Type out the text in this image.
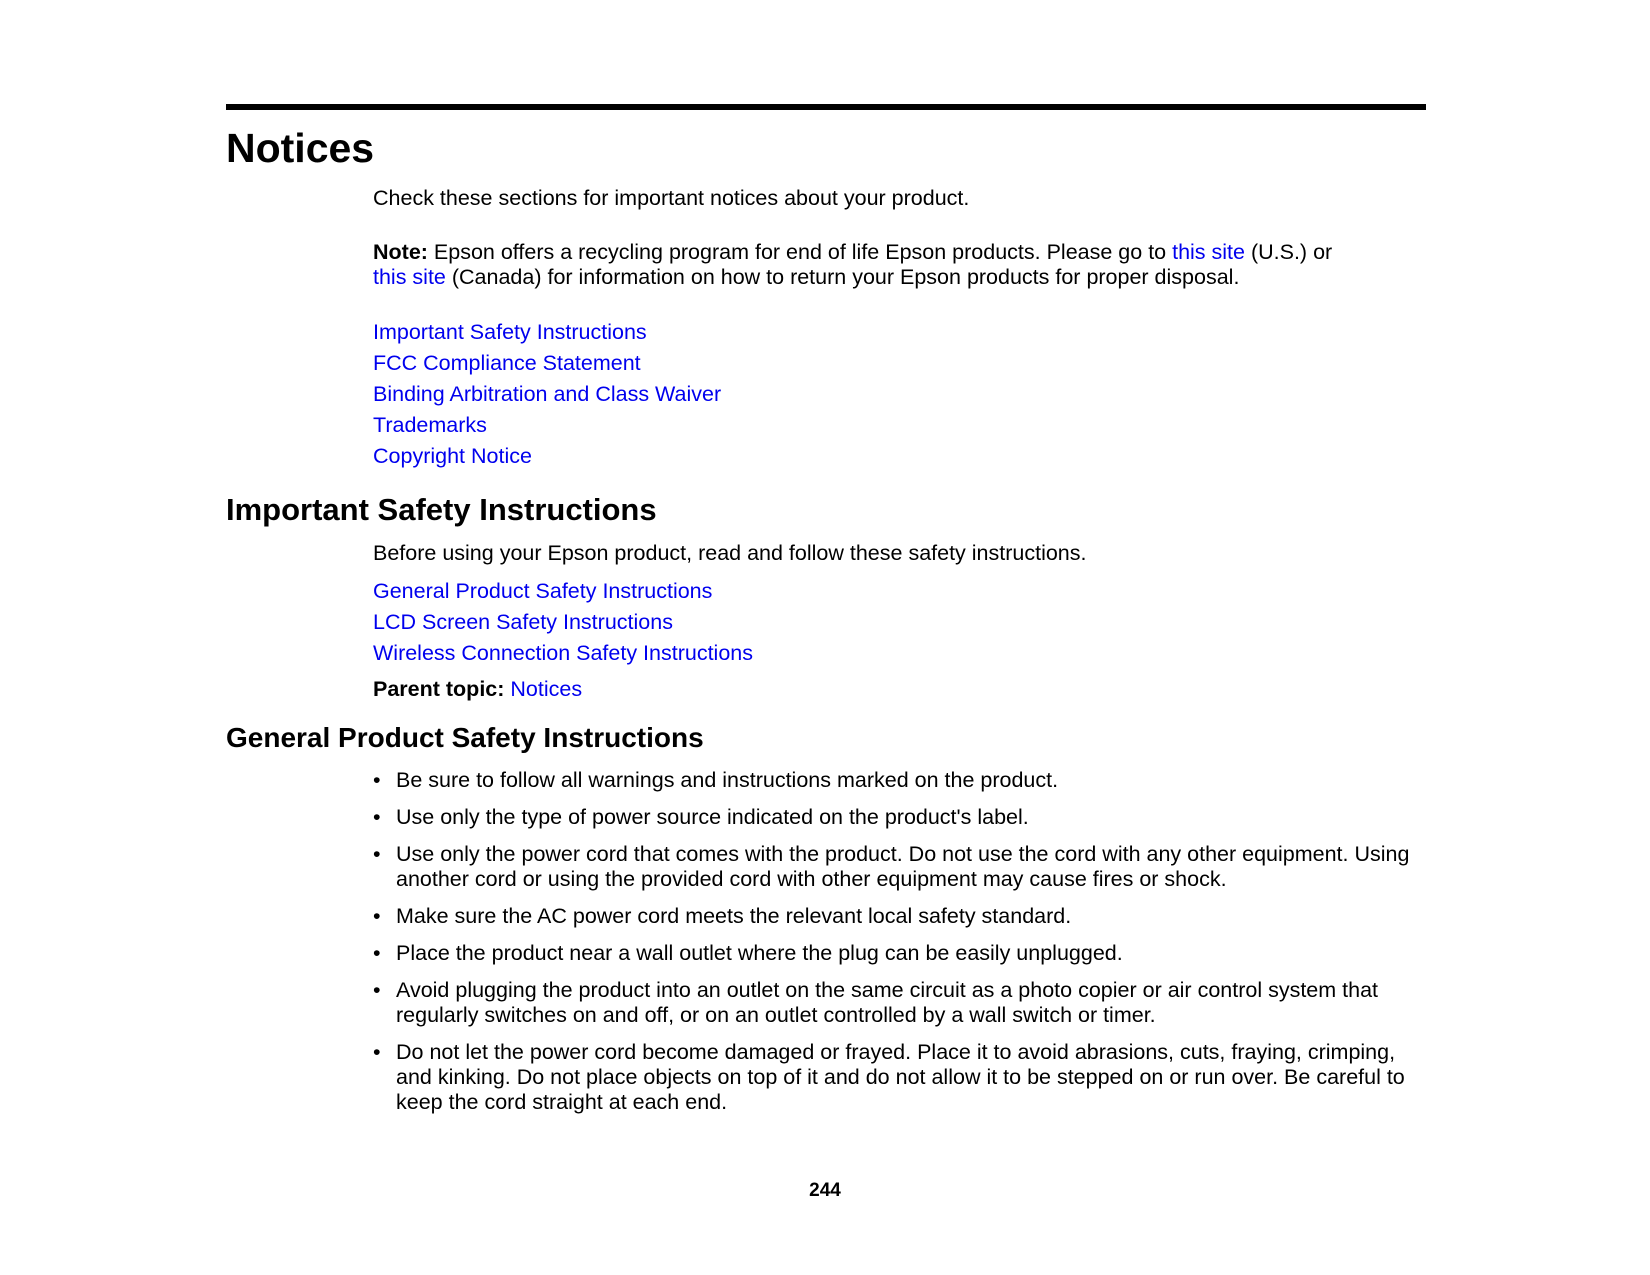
Notices

Check these sections for important notices about your product.

Note: Epson offers a recycling program for end of life Epson products. Please go to this site (U.S.) or
this site (Canada) for information on how to return your Epson products for proper disposal.

Important Safety Instructions
FCC Compliance Statement
Binding Arbitration and Class Waiver
Trademarks
Copyright Notice
Important Safety Instructions

Before using your Epson product, read and follow these safety instructions.

General Product Safety Instructions
LCD Screen Safety Instructions
Wireless Connection Safety Instructions

Parent topic: Notices

General Product Safety Instructions
• Be sure to follow all warnings and instructions marked on the product.
• Use only the type of power source indicated on the product's label.
• Use only the power cord that comes with the product. Do not use the cord with any other equipment. Using another cord or using the provided cord with other equipment may cause fires or shock.
• Make sure the AC power cord meets the relevant local safety standard.
• Place the product near a wall outlet where the plug can be easily unplugged.
• Avoid plugging the product into an outlet on the same circuit as a photo copier or air control system that regularly switches on and off, or on an outlet controlled by a wall switch or timer.
• Do not let the power cord become damaged or frayed. Place it to avoid abrasions, cuts, fraying, crimping, and kinking. Do not place objects on top of it and do not allow it to be stepped on or run over. Be careful to keep the cord straight at each end.
244
